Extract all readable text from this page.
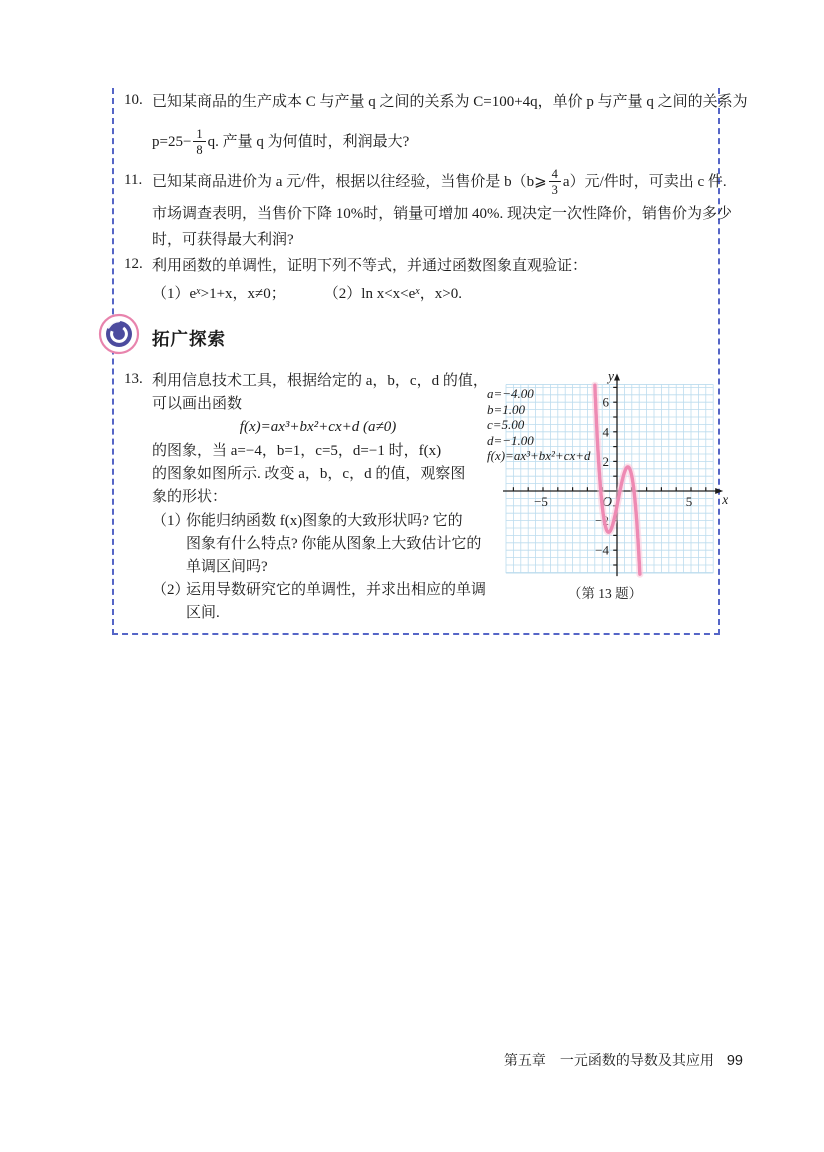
10. 已知某商品的生产成本 C 与产量 q 之间的关系为 C=100+4q，单价 p 与产量 q 之间的关系为
$p=25- \frac{1}{8} q$. 产量 q 为何值时，利润最大?
11. 已知某商品进价为 a 元/件，根据以往经验，当售价是 b（b⩾ $\frac{4}{3} a$）元/件时，可卖出 c 件.
市场调查表明，当售价下降 10%时，销量可增加 40%. 现决定一次性降价，销售价为多少
时，可获得最大利润?
12. 利用函数的单调性，证明下列不等式，并通过函数图象直观验证：
$(1)e^x>1+x$，x≠0；	（2）ln $x<x<e^x$，x>0.
拓广探索
13. 利用信息技术工具，根据给定的 a，b，c，d 的值，
可以画出函数
f(x)=ax³+bx²+cx+d (a≠0)
的图象，当 a=−4，b=1，c=5，d=−1 时，f(x)
的图象如图所示. 改变 a，b，c，d 的值，观察图
象的形状：
（1）
你能归纳函数 f(x)图象的大致形状吗? 它的
图象有什么特点? 你能从图象上大致估计它的
单调区间吗?
（2）
运用导数研究它的单调性，并求出相应的单调
区间.
−5	5
6
4
2
−2
−4
O	x
y
a=−4.00
b=1.00
c=5.00
d=−1.00
f(x)=ax³+bx²+cx+d
（第 13 题）
第五章　一元函数的导数及其应用 99
